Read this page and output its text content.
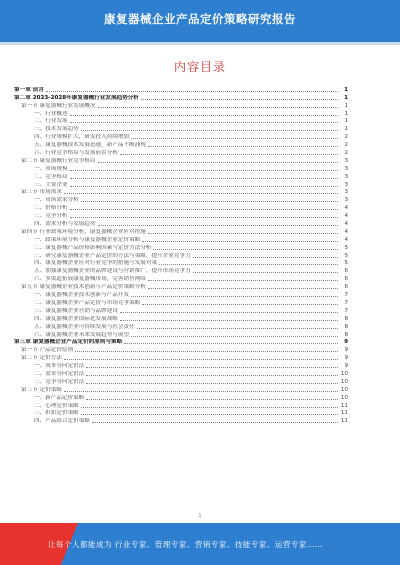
康复器械企业产品定价策略研究报告
内容目录
第一章 前言	1
第二章 2023-2028年康复器械行业发展趋势分析	1
第一节 康复器械行业发展概况	1
一、行业概述	1
二、行业发展	1
三、技术发展趋势	1
四、行业规模扩大，研发投入持续增加	2
五、康复器械技术发展迅速，新产品不断涌现	2
六、行业竞争格局与发展前景分析	2
第二节 康复器械行业竞争格局	3
一、市场规模	3
二、竞争格局	3
三、主要企业	3
第三节 市场需求	3
一、市场需求分析	3
二、价格分析	4
三、竞争分析	4
四、需求分析与发展趋势	4
第四节 行业政策环境分析，康复器械企业应对措施	4
一、政策环境分析与康复器械企业定价策略	4
二、康复器械产品价格影响因素与定价方法分析	5
三、研究康复器械企业产品定价的方法与策略，提升企业竞争力	5
四、康复器械企业应对行业竞争的措施与发展对策	5
五、加强康复器械企业的品牌建设与营销推广，提升市场竞争力	6
六、多渠道拓展康复器械市场，完善销售网络	6
第五节 康复器械企业技术创新与产品定价策略分析	6
一、康复器械企业技术创新与产品开发	7
二、康复器械企业产品定价与市场竞争策略	7
三、康复器械企业营销与品牌建设	7
四、康复器械企业国际化发展战略	8
五、康复器械企业可持续发展与社会责任	8
六、康复器械企业未来发展趋势与展望	8
第三章 康复器械企业产品定价的原则与策略	9
第一节 产品定价原则	9
第二节 定价方法	9
一、成本导向定价法	9
二、需求导向定价法	10
三、竞争导向定价法	10
第三节 定价策略	10
一、新产品定价策略	10
二、心理定价策略	11
三、折扣定价策略	11
四、产品组合定价策略	11
1
让每个人都能成为 行业专家、管理专家、营销专家、技能专家、运营专家……
